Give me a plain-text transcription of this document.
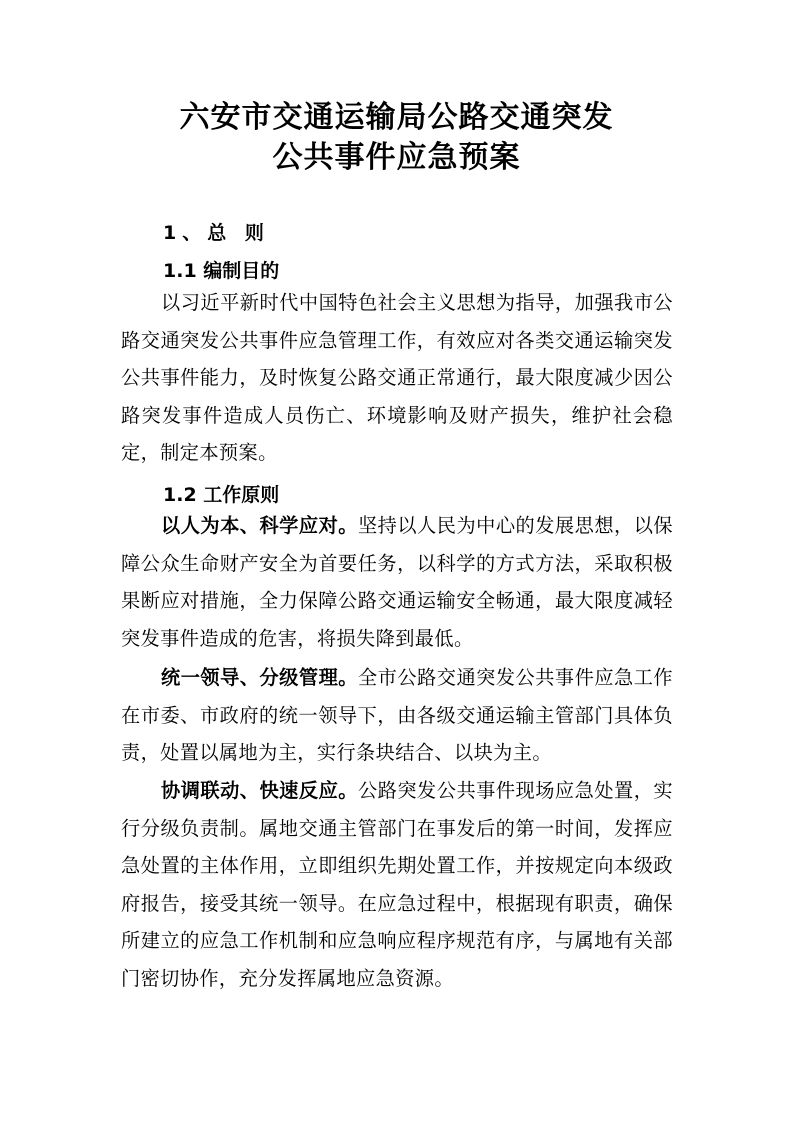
六安市交通运输局公路交通突发
公共事件应急预案
1、总 则
1.1 编制目的

以习近平新时代中国特色社会主义思想为指导，加强我市公路交通突发公共事件应急管理工作，有效应对各类交通运输突发公共事件能力，及时恢复公路交通正常通行，最大限度减少因公路突发事件造成人员伤亡、环境影响及财产损失，维护社会稳定，制定本预案。

1.2 工作原则

以人为本、科学应对。坚持以人民为中心的发展思想，以保障公众生命财产安全为首要任务，以科学的方式方法，采取积极果断应对措施，全力保障公路交通运输安全畅通，最大限度减轻突发事件造成的危害，将损失降到最低。

统一领导、分级管理。全市公路交通突发公共事件应急工作在市委、市政府的统一领导下，由各级交通运输主管部门具体负责，处置以属地为主，实行条块结合、以块为主。

协调联动、快速反应。公路突发公共事件现场应急处置，实行分级负责制。属地交通主管部门在事发后的第一时间，发挥应急处置的主体作用，立即组织先期处置工作，并按规定向本级政府报告，接受其统一领导。在应急过程中，根据现有职责，确保所建立的应急工作机制和应急响应程序规范有序，与属地有关部门密切协作，充分发挥属地应急资源。
